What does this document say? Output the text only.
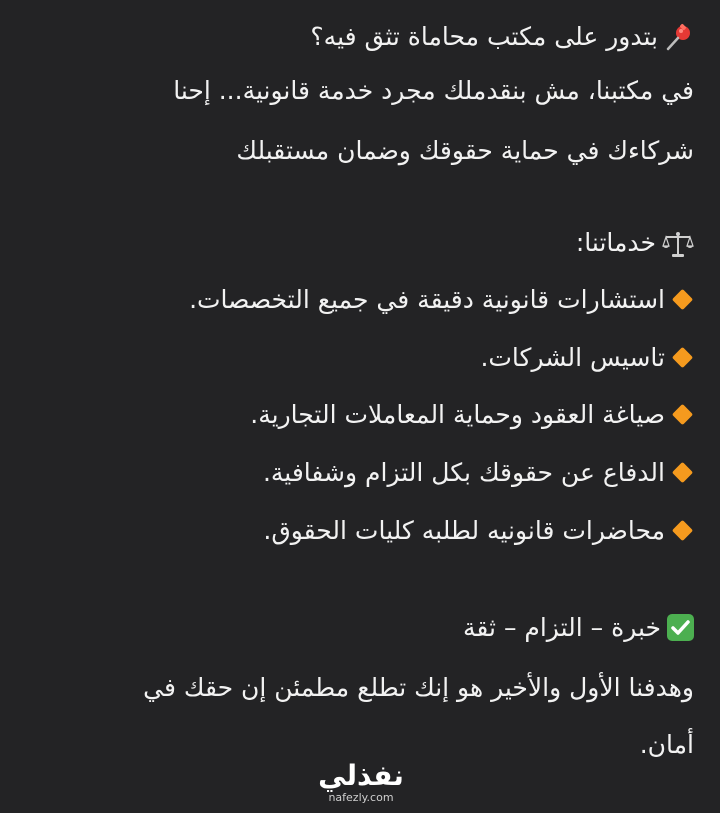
بتدور على مكتب محاماة تثق فيه؟
في مكتبنا، مش بنقدملك مجرد خدمة قانونية... إحنا
شركاءك في حماية حقوقك وضمان مستقبلك
خدماتنا:
استشارات قانونية دقيقة في جميع التخصصات.
تاسيس الشركات.
صياغة العقود وحماية المعاملات التجارية.
الدفاع عن حقوقك بكل التزام وشفافية.
محاضرات قانونيه لطلبه كليات الحقوق.
خبرة – التزام – ثقة
وهدفنا الأول والأخير هو إنك تطلع مطمئن إن حقك في
أمان.
نفذلي
nafezly.com
